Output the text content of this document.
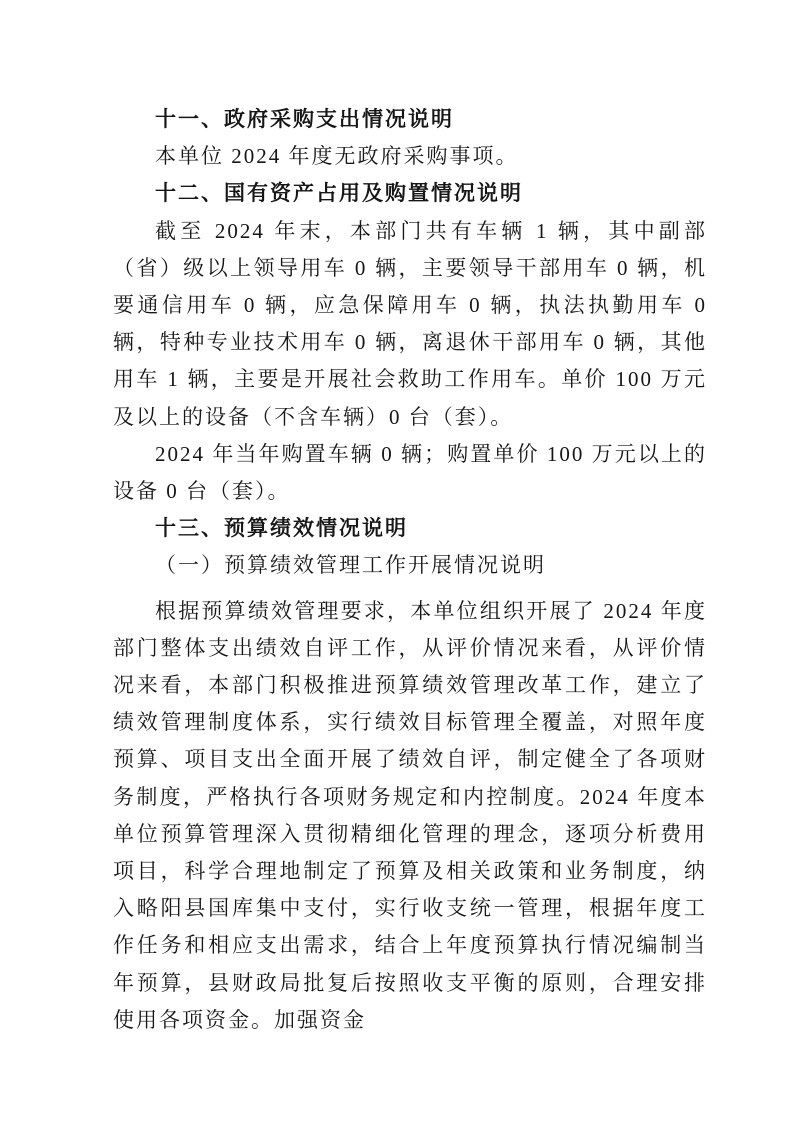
十一、政府采购支出情况说明

本单位 2024 年度无政府采购事项。

十二、国有资产占用及购置情况说明

截至 2024 年末，本部门共有车辆 1 辆，其中副部（省）级以上领导用车 0 辆，主要领导干部用车 0 辆，机要通信用车 0 辆，应急保障用车 0 辆，执法执勤用车 0 辆，特种专业技术用车 0 辆，离退休干部用车 0 辆，其他用车 1 辆，主要是开展社会救助工作用车。单价 100 万元及以上的设备（不含车辆）0 台（套）。

2024 年当年购置车辆 0 辆；购置单价 100 万元以上的设备 0 台（套）。

十三、预算绩效情况说明
（一）预算绩效管理工作开展情况说明

根据预算绩效管理要求，本单位组织开展了 2024 年度部门整体支出绩效自评工作，从评价情况来看，从评价情况来看，本部门积极推进预算绩效管理改革工作，建立了绩效管理制度体系，实行绩效目标管理全覆盖，对照年度预算、项目支出全面开展了绩效自评，制定健全了各项财务制度，严格执行各项财务规定和内控制度。2024 年度本单位预算管理深入贯彻精细化管理的理念，逐项分析费用项目，科学合理地制定了预算及相关政策和业务制度，纳入略阳县国库集中支付，实行收支统一管理，根据年度工作任务和相应支出需求，结合上年度预算执行情况编制当年预算，县财政局批复后按照收支平衡的原则，合理安排使用各项资金。加强资金
